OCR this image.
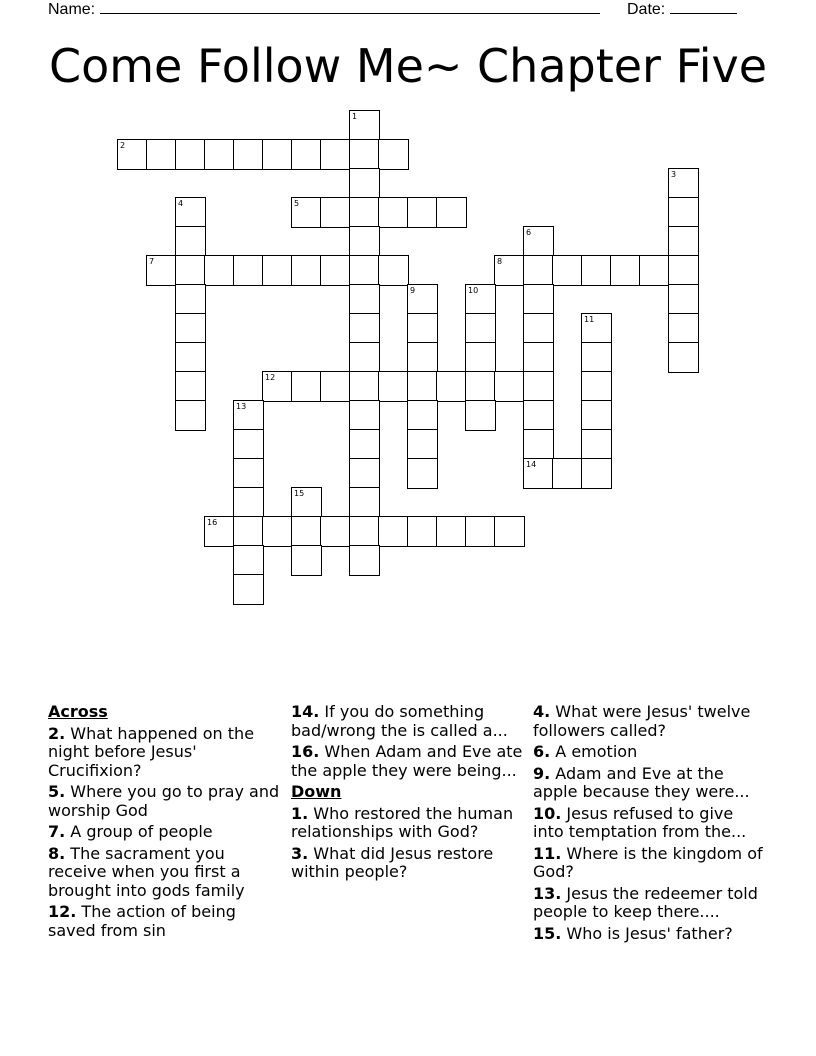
Name:	Date:
Come Follow Me~ Chapter Five
1
2
3
4	5
6
7	8
9	10
11
12
13
14
15
16
Across
2. What happened on the night before Jesus' Crucifixion?
5. Where you go to pray and worship God
7. A group of people
8. The sacrament you receive when you first a brought into gods family
12. The action of being saved from sin
14. If you do something bad/wrong the is called a...
16. When Adam and Eve ate the apple they were being...
Down
1. Who restored the human relationships with God?
3. What did Jesus restore within people?
4. What were Jesus' twelve followers called?
6. A emotion
9. Adam and Eve at the apple because they were...
10. Jesus refused to give into temptation from the...
11. Where is the kingdom of God?
13. Jesus the redeemer told people to keep there....
15. Who is Jesus' father?
